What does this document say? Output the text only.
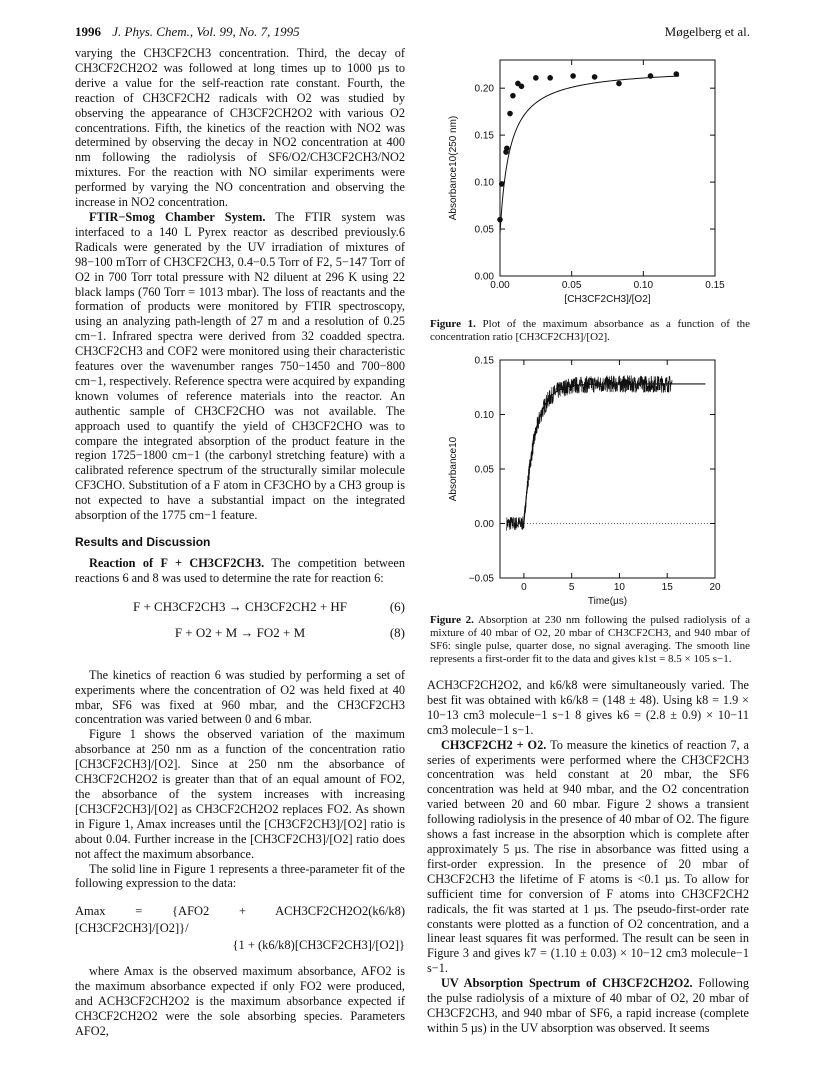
1996 J. Phys. Chem., Vol. 99, No. 7, 1995	Møgelberg et al.

varying the CH3CF2CH3 concentration. Third, the decay of CH3CF2CH2O2 was followed at long times up to 1000 µs to derive a value for the self-reaction rate constant. Fourth, the reaction of CH3CF2CH2 radicals with O2 was studied by observing the appearance of CH3CF2CH2O2 with various O2 concentrations. Fifth, the kinetics of the reaction with NO2 was determined by observing the decay in NO2 concentration at 400 nm following the radiolysis of SF6/O2/CH3CF2CH3/NO2 mixtures. For the reaction with NO similar experiments were performed by varying the NO concentration and observing the increase in NO2 concentration.

FTIR−Smog Chamber System. The FTIR system was interfaced to a 140 L Pyrex reactor as described previously.6 Radicals were generated by the UV irradiation of mixtures of 98−100 mTorr of CH3CF2CH3, 0.4−0.5 Torr of F2, 5−147 Torr of O2 in 700 Torr total pressure with N2 diluent at 296 K using 22 black lamps (760 Torr = 1013 mbar). The loss of reactants and the formation of products were monitored by FTIR spectroscopy, using an analyzing path-length of 27 m and a resolution of 0.25 cm−1. Infrared spectra were derived from 32 coadded spectra. CH3CF2CH3 and COF2 were monitored using their characteristic features over the wavenumber ranges 750−1450 and 700−800 cm−1, respectively. Reference spectra were acquired by expanding known volumes of reference materials into the reactor. An authentic sample of CH3CF2CHO was not available. The approach used to quantify the yield of CH3CF2CHO was to compare the integrated absorption of the product feature in the region 1725−1800 cm−1 (the carbonyl stretching feature) with a calibrated reference spectrum of the structurally similar molecule CF3CHO. Substitution of a F atom in CF3CHO by a CH3 group is not expected to have a substantial impact on the integrated absorption of the 1775 cm−1 feature.

Results and Discussion

Reaction of F + CH3CF2CH3. The competition between reactions 6 and 8 was used to determine the rate for reaction 6:

F + CH3CF2CH3 → CH3CF2CH2 + HF	(6)
F + O2 + M → FO2 + M	(8)

The kinetics of reaction 6 was studied by performing a set of experiments where the concentration of O2 was held fixed at 40 mbar, SF6 was fixed at 960 mbar, and the CH3CF2CH3 concentration was varied between 0 and 6 mbar.

Figure 1 shows the observed variation of the maximum absorbance at 250 nm as a function of the concentration ratio [CH3CF2CH3]/[O2]. Since at 250 nm the absorbance of CH3CF2CH2O2 is greater than that of an equal amount of FO2, the absorbance of the system increases with increasing [CH3CF2CH3]/[O2] as CH3CF2CH2O2 replaces FO2. As shown in Figure 1, Amax increases until the [CH3CF2CH3]/[O2] ratio is about 0.04. Further increase in the [CH3CF2CH3]/[O2] ratio does not affect the maximum absorbance.

The solid line in Figure 1 represents a three-parameter fit of the following expression to the data:

Amax = {AFO2 + ACH3CF2CH2O2(k6/k8)[CH3CF2CH3]/[O2]}/
{1 + (k6/k8)[CH3CF2CH3]/[O2]}

where Amax is the observed maximum absorbance, AFO2 is the maximum absorbance expected if only FO2 were produced, and ACH3CF2CH2O2 is the maximum absorbance expected if CH3CF2CH2O2 were the sole absorbing species. Parameters AFO2,

0.00	0.05	0.10	0.15
0.00
0.05
0.10
0.15
0.20
[CH3CF2CH3]/[O2]
Absorbance10(250 nm)
Figure 1. Plot of the maximum absorbance as a function of the concentration ratio [CH3CF2CH3]/[O2].
0	5	10	15	20
−0.05
0.00
0.05
0.10
0.15
Time(µs)
Absorbance10
Figure 2. Absorption at 230 nm following the pulsed radiolysis of a mixture of 40 mbar of O2, 20 mbar of CH3CF2CH3, and 940 mbar of SF6: single pulse, quarter dose, no signal averaging. The smooth line represents a first-order fit to the data and gives k1st = 8.5 × 105 s−1.

ACH3CF2CH2O2, and k6/k8 were simultaneously varied. The best fit was obtained with k6/k8 = (148 ± 48). Using k8 = 1.9 × 10−13 cm3 molecule−1 s−1 8 gives k6 = (2.8 ± 0.9) × 10−11 cm3 molecule−1 s−1.

CH3CF2CH2 + O2. To measure the kinetics of reaction 7, a series of experiments were performed where the CH3CF2CH3 concentration was held constant at 20 mbar, the SF6 concentration was held at 940 mbar, and the O2 concentration varied between 20 and 60 mbar. Figure 2 shows a transient following radiolysis in the presence of 40 mbar of O2. The figure shows a fast increase in the absorption which is complete after approximately 5 µs. The rise in absorbance was fitted using a first-order expression. In the presence of 20 mbar of CH3CF2CH3 the lifetime of F atoms is <0.1 µs. To allow for sufficient time for conversion of F atoms into CH3CF2CH2 radicals, the fit was started at 1 µs. The pseudo-first-order rate constants were plotted as a function of O2 concentration, and a linear least squares fit was performed. The result can be seen in Figure 3 and gives k7 = (1.10 ± 0.03) × 10−12 cm3 molecule−1 s−1.

UV Absorption Spectrum of CH3CF2CH2O2. Following the pulse radiolysis of a mixture of 40 mbar of O2, 20 mbar of CH3CF2CH3, and 940 mbar of SF6, a rapid increase (complete within 5 µs) in the UV absorption was observed. It seems
